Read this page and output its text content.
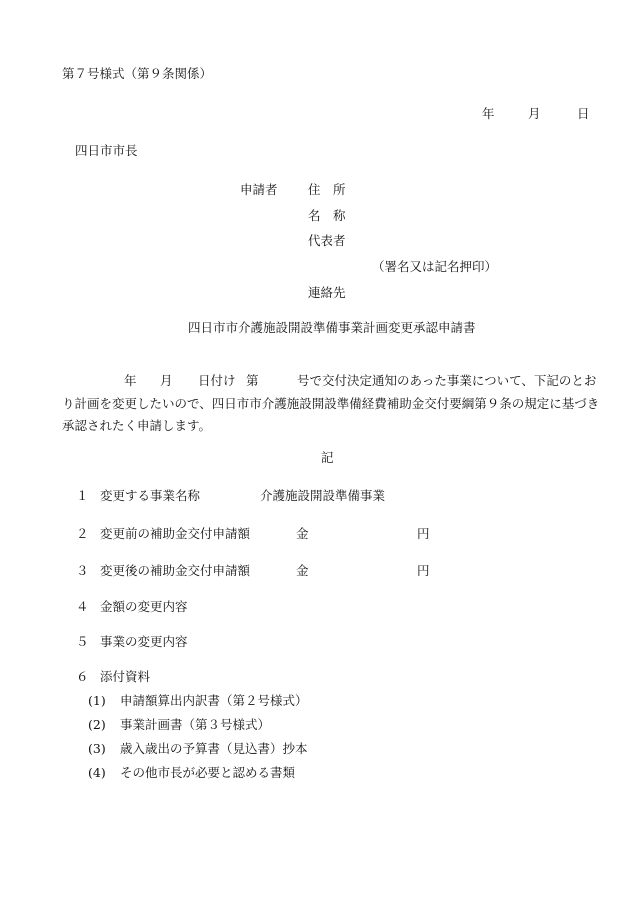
第７号様式（第９条関係）
年	月	日
四日市市長
申請者 住　所
名　称
代表者
（署名又は記名押印）
連絡先
四日市市介護施設開設準備事業計画変更承認申請書
年 月 日付け 第	号で交付決定通知のあった事業について、下記のとお
り計画を変更したいので、四日市市介護施設開設準備経費補助金交付要綱第９条の規定に基づき
承認されたく申請します。
記
１ 変更する事業名称	介護施設開設準備事業
２ 変更前の補助金交付申請額	金	円
３ 変更後の補助金交付申請額	金	円
４ 金額の変更内容
５ 事業の変更内容
６ 添付資料
(1) 申請額算出内訳書（第２号様式）
(2) 事業計画書（第３号様式）
(3) 歳入歳出の予算書（見込書）抄本
(4) その他市長が必要と認める書類
